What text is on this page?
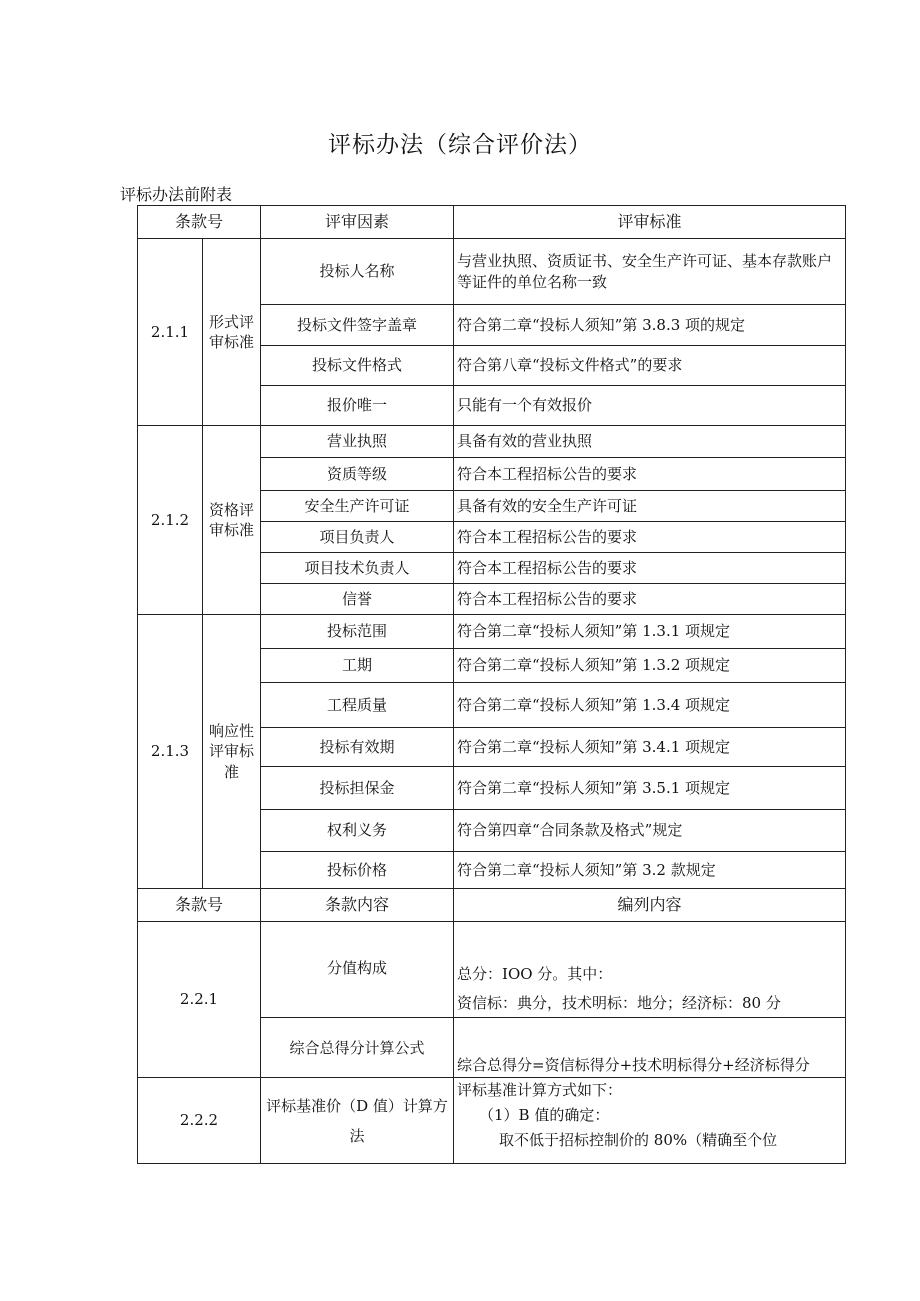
评标办法（综合评价法）
评标办法前附表
条款号		评审因素	评审标准
2.1.1	形式评审标准	投标人名称	与营业执照、资质证书、安全生产许可证、基本存款账户等证件的单位名称一致
		投标文件签字盖章	符合第二章“投标人须知”第 3.8.3 项的规定
		投标文件格式	符合第八章“投标文件格式”的要求
		报价唯一	只能有一个有效报价
2.1.2	资格评审标准	营业执照	具备有效的营业执照
		资质等级	符合本工程招标公告的要求
		安全生产许可证	具备有效的安全生产许可证
		项目负责人	符合本工程招标公告的要求
		项目技术负责人	符合本工程招标公告的要求
		信誉	符合本工程招标公告的要求
2.1.3	响应性评审标准	投标范围	符合第二章“投标人须知”第 1.3.1 项规定
		工期	符合第二章“投标人须知”第 1.3.2 项规定
		工程质量	符合第二章“投标人须知”第 1.3.4 项规定
		投标有效期	符合第二章“投标人须知”第 3.4.1 项规定
		投标担保金	符合第二章“投标人须知”第 3.5.1 项规定
		权利义务	符合第四章“合同条款及格式”规定
		投标价格	符合第二章“投标人须知”第 3.2 款规定
条款号		条款内容	编列内容
2.2.1		分值构成	总分：IOO 分。其中：
资信标：典分，技术明标：地分；经济标：80 分

		综合总得分计算公式	综合总得分=资信标得分+技术明标得分+经济标得分
2.2.2		评标基准价（D 值）计算方法	评标基准计算方式如下：
（1）B 值的确定：
取不低于招标控制价的 80%（精确至个位
